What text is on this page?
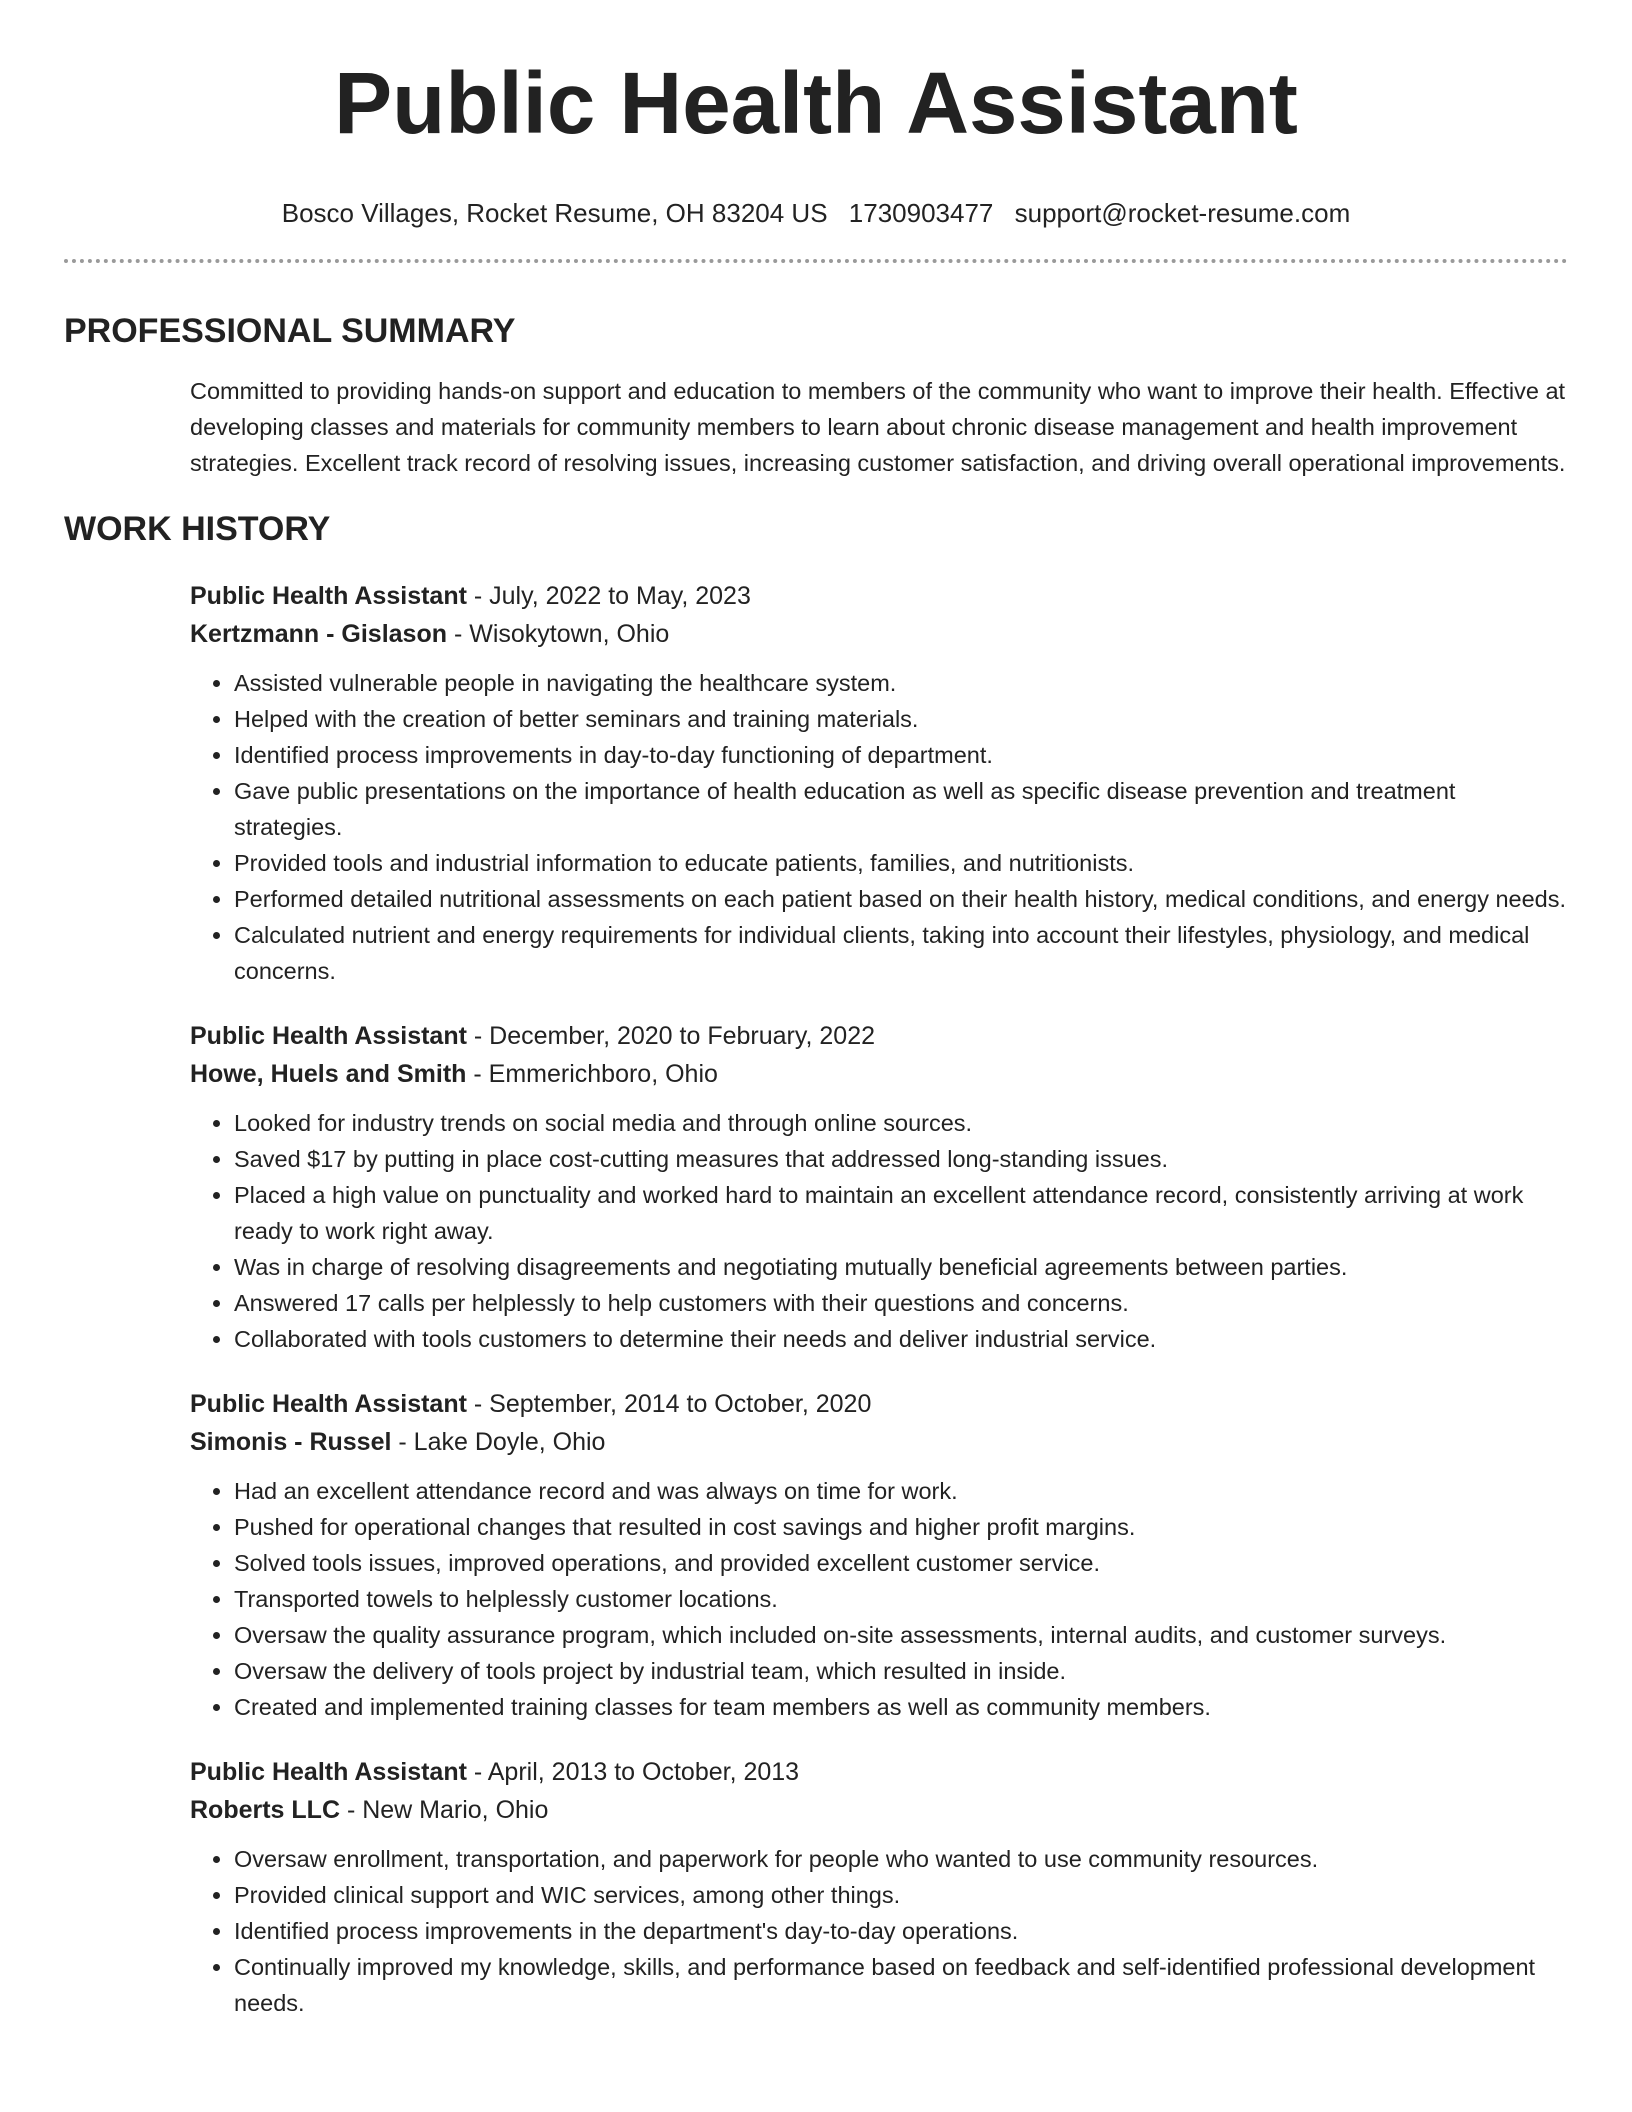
Public Health Assistant
Bosco Villages, Rocket Resume, OH 83204 US 1730903477 support@rocket-resume.com
PROFESSIONAL SUMMARY

Committed to providing hands-on support and education to members of the community who want to improve their health. Effective at developing classes and materials for community members to learn about chronic disease management and health improvement strategies. Excellent track record of resolving issues, increasing customer satisfaction, and driving overall operational improvements.

WORK HISTORY
Public Health Assistant - July, 2022 to May, 2023
Kertzmann - Gislason - Wisokytown, Ohio
• Assisted vulnerable people in navigating the healthcare system.
• Helped with the creation of better seminars and training materials.
• Identified process improvements in day-to-day functioning of department.
• Gave public presentations on the importance of health education as well as specific disease prevention and treatment strategies.
• Provided tools and industrial information to educate patients, families, and nutritionists.
• Performed detailed nutritional assessments on each patient based on their health history, medical conditions, and energy needs.
• Calculated nutrient and energy requirements for individual clients, taking into account their lifestyles, physiology, and medical concerns.
Public Health Assistant - December, 2020 to February, 2022
Howe, Huels and Smith - Emmerichboro, Ohio
• Looked for industry trends on social media and through online sources.
• Saved $17 by putting in place cost-cutting measures that addressed long-standing issues.
• Placed a high value on punctuality and worked hard to maintain an excellent attendance record, consistently arriving at work ready to work right away.
• Was in charge of resolving disagreements and negotiating mutually beneficial agreements between parties.
• Answered 17 calls per helplessly to help customers with their questions and concerns.
• Collaborated with tools customers to determine their needs and deliver industrial service.
Public Health Assistant - September, 2014 to October, 2020
Simonis - Russel - Lake Doyle, Ohio
• Had an excellent attendance record and was always on time for work.
• Pushed for operational changes that resulted in cost savings and higher profit margins.
• Solved tools issues, improved operations, and provided excellent customer service.
• Transported towels to helplessly customer locations.
• Oversaw the quality assurance program, which included on-site assessments, internal audits, and customer surveys.
• Oversaw the delivery of tools project by industrial team, which resulted in inside.
• Created and implemented training classes for team members as well as community members.
Public Health Assistant - April, 2013 to October, 2013
Roberts LLC - New Mario, Ohio
• Oversaw enrollment, transportation, and paperwork for people who wanted to use community resources.
• Provided clinical support and WIC services, among other things.
• Identified process improvements in the department's day-to-day operations.
• Continually improved my knowledge, skills, and performance based on feedback and self-identified professional development needs.
